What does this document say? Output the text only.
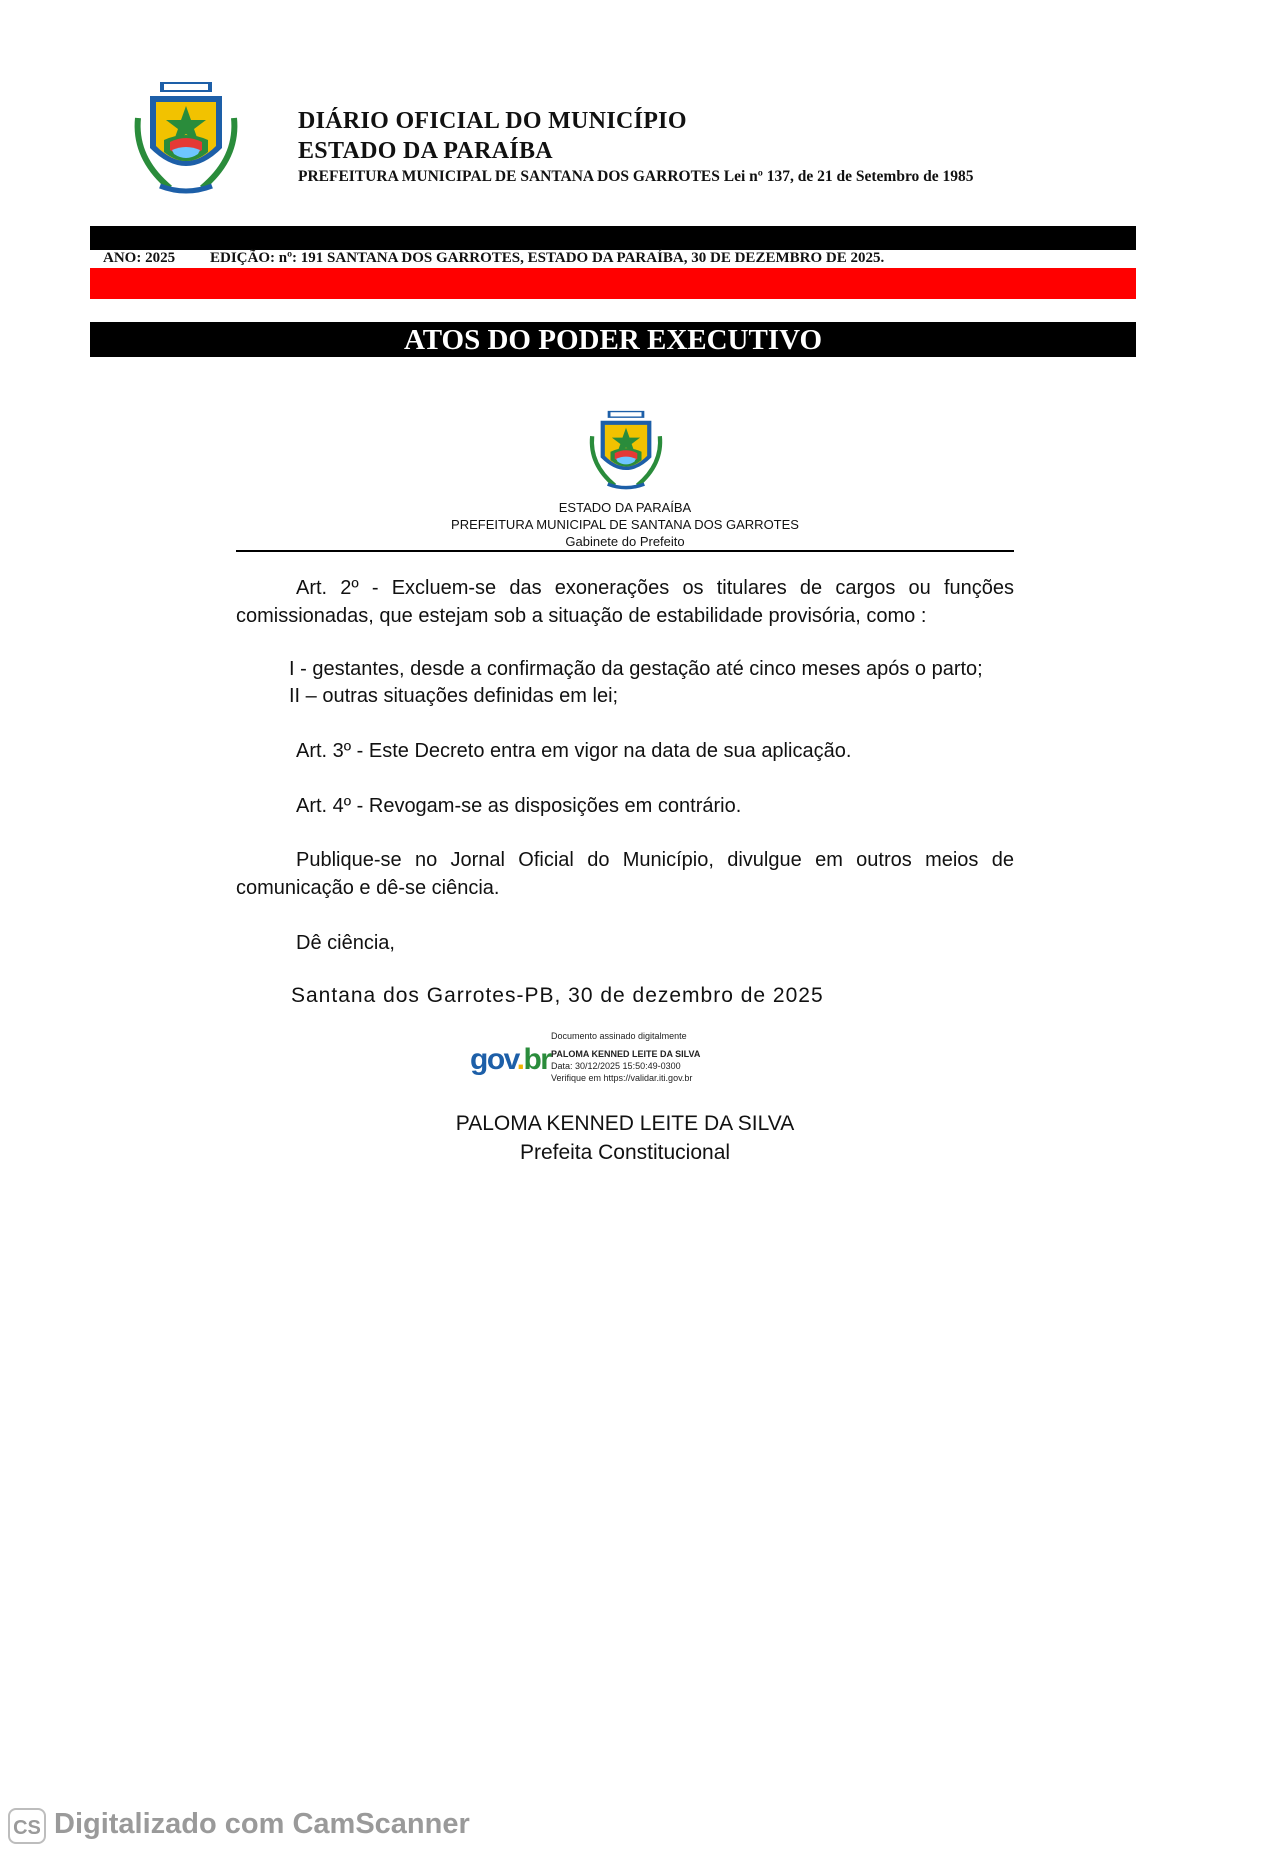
DIÁRIO OFICIAL DO MUNICÍPIO
ESTADO DA PARAÍBA
PREFEITURA MUNICIPAL DE SANTANA DOS GARROTES Lei nº 137, de 21 de Setembro de 1985
ANO: 2025 EDIÇÃO: nº: 191 SANTANA DOS GARROTES, ESTADO DA PARAÍBA, 30 DE DEZEMBRO DE 2025.
ATOS DO PODER EXECUTIVO
ESTADO DA PARAÍBA
PREFEITURA MUNICIPAL DE SANTANA DOS GARROTES
Gabinete do Prefeito
Art. 2º - Excluem-se das exonerações os titulares de cargos ou funções comissionadas, que estejam sob a situação de estabilidade provisória, como :
I - gestantes, desde a confirmação da gestação até cinco meses após o parto;
II – outras situações definidas em lei;
Art. 3º - Este Decreto entra em vigor na data de sua aplicação.
Art. 4º - Revogam-se as disposições em contrário.
Publique-se no Jornal Oficial do Município, divulgue em outros meios de comunicação e dê-se ciência.
Dê ciência,
Santana dos Garrotes-PB, 30 de dezembro de 2025
gov.br
Documento assinado digitalmente
PALOMA KENNED LEITE DA SILVA
Data: 30/12/2025 15:50:49-0300
Verifique em https://validar.iti.gov.br
PALOMA KENNED LEITE DA SILVA
Prefeita Constitucional
CS Digitalizado com CamScanner
